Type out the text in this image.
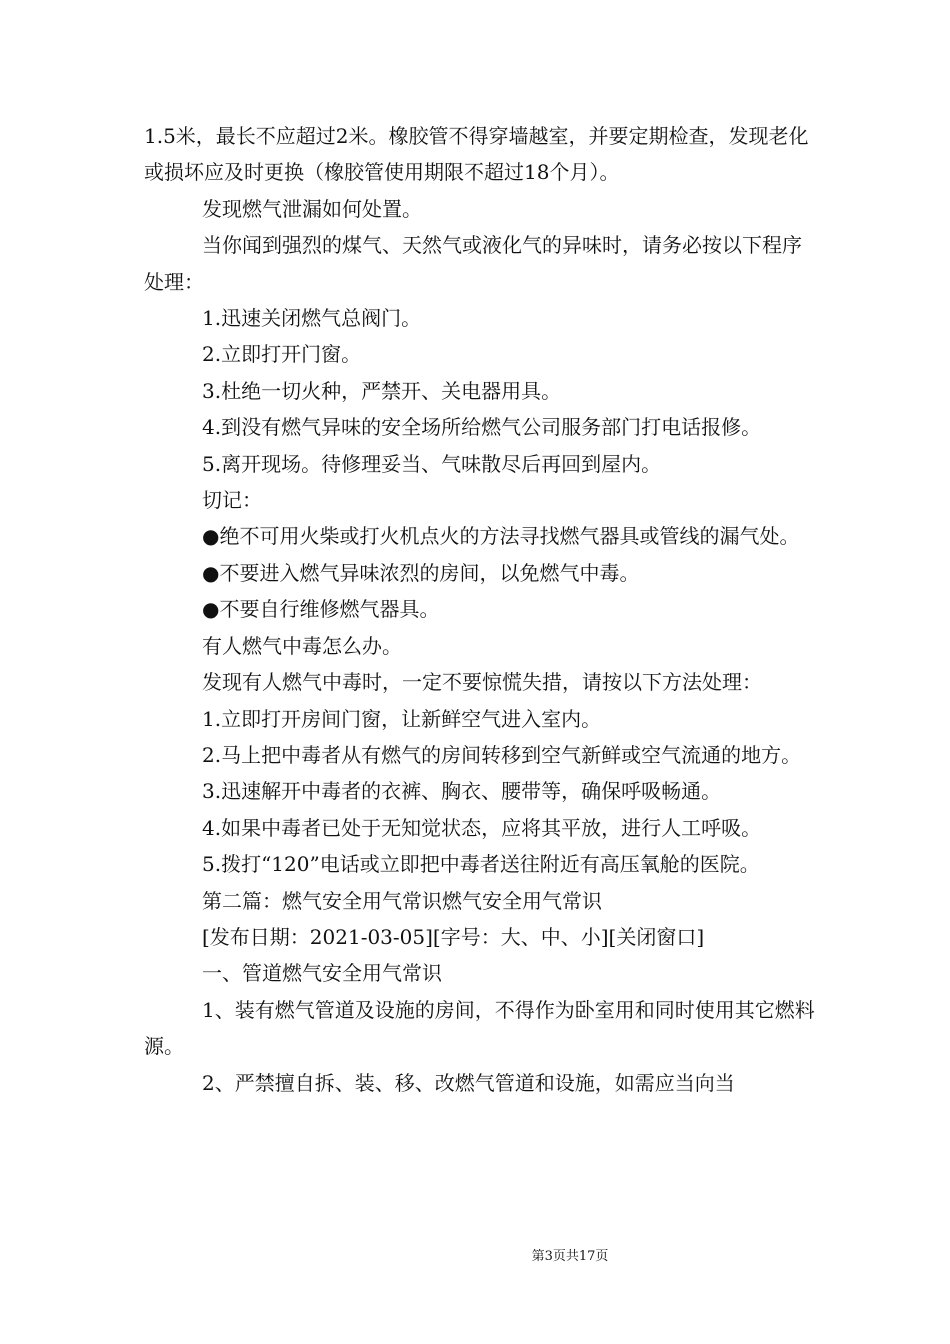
1.5米，最长不应超过2米。橡胶管不得穿墙越室，并要定期检查，发现老化或损坏应及时更换（橡胶管使用期限不超过18个月）。

发现燃气泄漏如何处置。

当你闻到强烈的煤气、天然气或液化气的异味时，请务必按以下程序处理：

1.迅速关闭燃气总阀门。

2.立即打开门窗。

3.杜绝一切火种，严禁开、关电器用具。

4.到没有燃气异味的安全场所给燃气公司服务部门打电话报修。

5.离开现场。待修理妥当、气味散尽后再回到屋内。

切记：

●绝不可用火柴或打火机点火的方法寻找燃气器具或管线的漏气处。

●不要进入燃气异味浓烈的房间，以免燃气中毒。

●不要自行维修燃气器具。

有人燃气中毒怎么办。

发现有人燃气中毒时，一定不要惊慌失措，请按以下方法处理：

1.立即打开房间门窗，让新鲜空气进入室内。

2.马上把中毒者从有燃气的房间转移到空气新鲜或空气流通的地方。

3.迅速解开中毒者的衣裤、胸衣、腰带等，确保呼吸畅通。

4.如果中毒者已处于无知觉状态，应将其平放，进行人工呼吸。

5.拨打“120”电话或立即把中毒者送往附近有高压氧舱的医院。

第二篇：燃气安全用气常识燃气安全用气常识

[发布日期：2021-03-05][字号：大、中、小][关闭窗口]

一、管道燃气安全用气常识

1、装有燃气管道及设施的房间，不得作为卧室用和同时使用其它燃料源。

2、严禁擅自拆、装、移、改燃气管道和设施，如需应当向当

第3页共17页
